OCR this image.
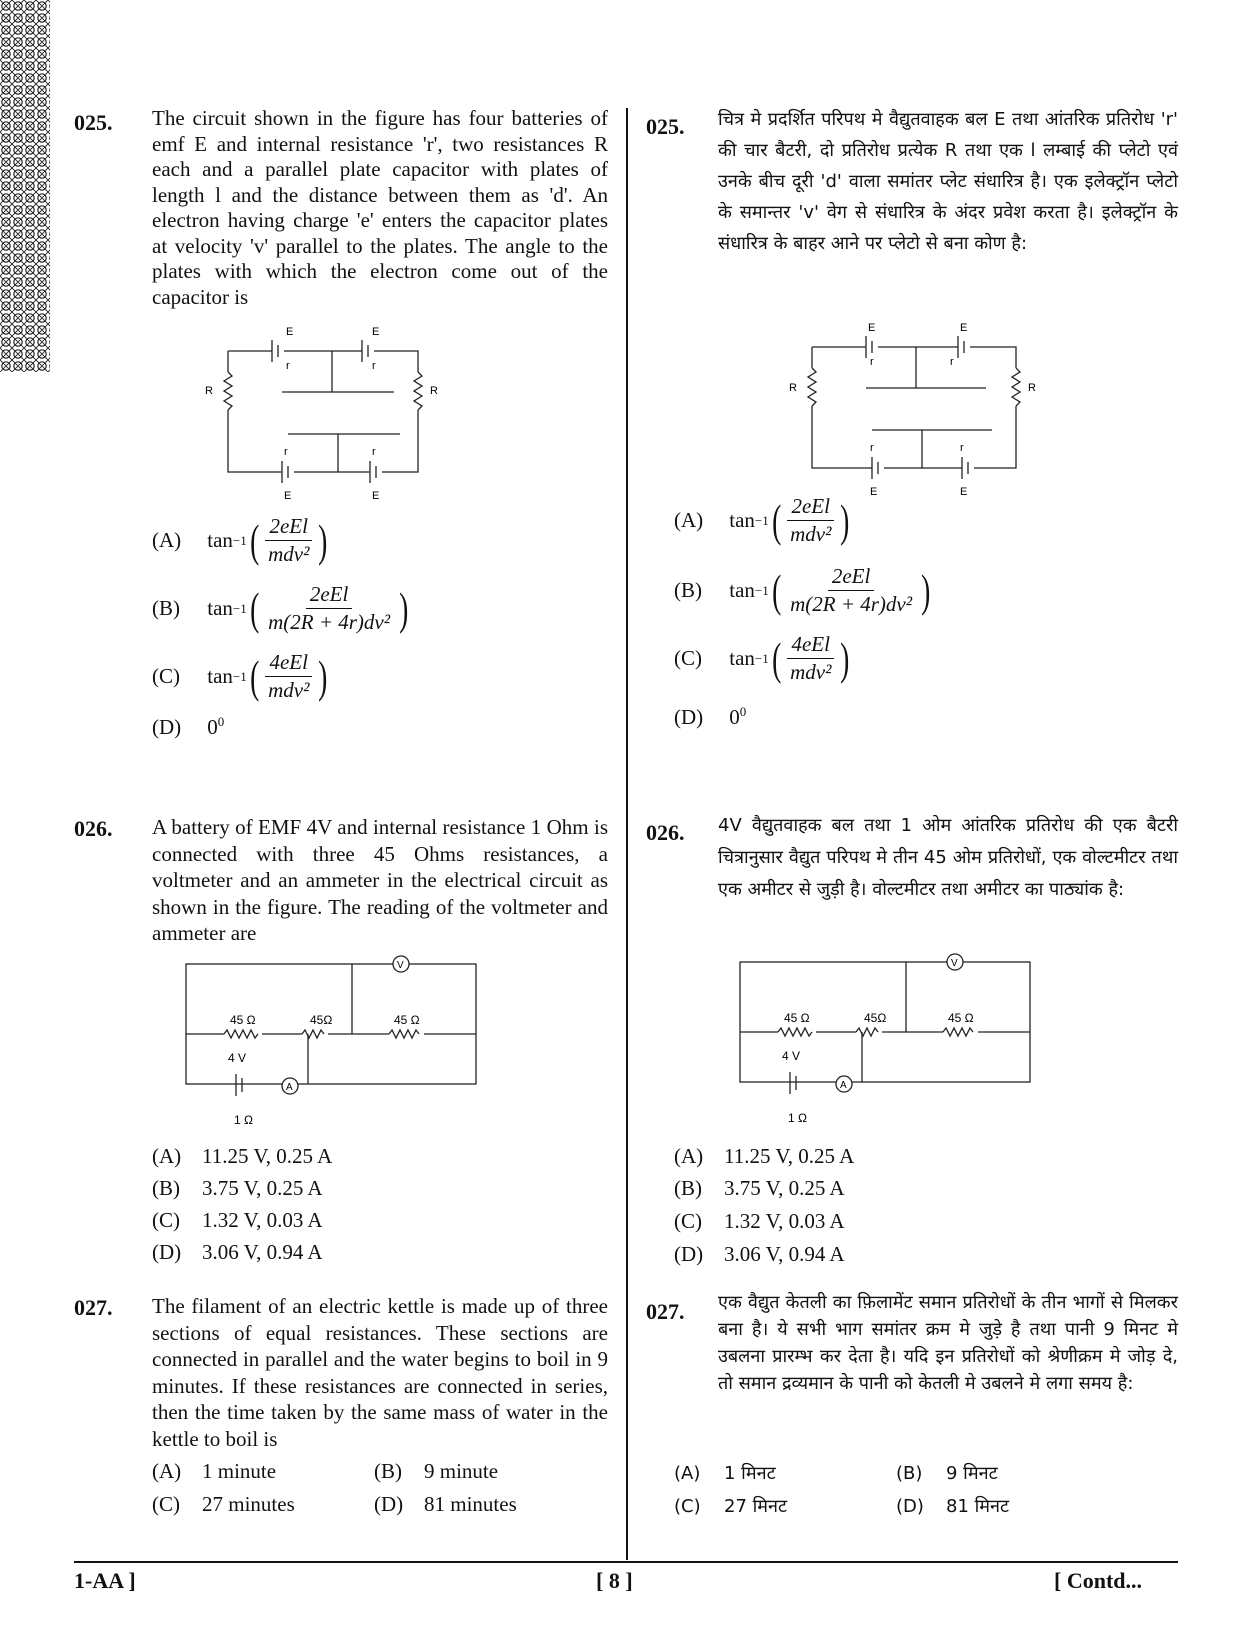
025. The circuit shown in the figure has four batteries of emf E and internal resistance 'r', two resistances R each and a parallel plate capacitor with plates of length l and the distance between them as 'd'. An electron having charge 'e' enters the capacitor plates at velocity 'v' parallel to the plates. The angle to the plates with which the electron come out of the capacitor is

E	E
r	r
R	R
r	r
E	E
(A) tan −1 ( $\frac{\text{2eEl}}{\text{mdv²}}$ )
(B) tan −1 ( $\frac{\text{2eEl}}{\text{m(2R + 4r)dv²}}$ )
(C) tan −1 ( $\frac{\text{4eEl}}{\text{mdv²}}$ )
(D) $0^0$
026. A battery of EMF 4V and internal resistance 1 Ohm is connected with three 45 Ohms resistances, a voltmeter and an ammeter in the electrical circuit as shown in the figure. The reading of the voltmeter and ammeter are

45 Ω	45Ω	45 Ω
4 V
1 Ω
V
A
(A) 11.25 V, 0.25 A
(B) 3.75 V, 0.25 A
(C) 1.32 V, 0.03 A
(D) 3.06 V, 0.94 A
027. The filament of an electric kettle is made up of three sections of equal resistances. These sections are connected in parallel and the water begins to boil in 9 minutes. If these resistances are connected in series, then the time taken by the same mass of water in the kettle to boil is

(A) 1 minute	(B) 9 minute
(C) 27 minutes	(D) 81 minutes
025. चित्र मे प्रदर्शित परिपथ मे वैद्युतवाहक बल E तथा आंतरिक प्रतिरोध 'r' की चार बैटरी, दो प्रतिरोध प्रत्येक R तथा एक l लम्बाई की प्लेटो एवं उनके बीच दूरी 'd' वाला समांतर प्लेट संधारित्र है। एक इलेक्ट्रॉन प्लेटो के समान्तर 'v' वेग से संधारित्र के अंदर प्रवेश करता है। इलेक्ट्रॉन के संधारित्र के बाहर आने पर प्लेटो से बना कोण है:

E	E
r	r
R	R
r	r
E	E
(A) tan −1 ( $\frac{\text{2eEl}}{\text{mdv²}}$ )
(B) tan −1 ( $\frac{\text{2eEl}}{\text{m(2R + 4r)dv²}}$ )
(C) tan −1 ( $\frac{\text{4eEl}}{\text{mdv²}}$ )
(D) $0^0$
026. 4V वैद्युतवाहक बल तथा 1 ओम आंतरिक प्रतिरोध की एक बैटरी चित्रानुसार वैद्युत परिपथ मे तीन 45 ओम प्रतिरोधों, एक वोल्टमीटर तथा एक अमीटर से जुड़ी है। वोल्टमीटर तथा अमीटर का पाठ्यांक है:

45 Ω	45Ω	45 Ω
4 V
1 Ω
V
A
(A) 11.25 V, 0.25 A
(B) 3.75 V, 0.25 A
(C) 1.32 V, 0.03 A
(D) 3.06 V, 0.94 A
027. एक वैद्युत केतली का फ़िलामेंट समान प्रतिरोधों के तीन भागों से मिलकर बना है। ये सभी भाग समांतर क्रम मे जुड़े है तथा पानी 9 मिनट मे उबलना प्रारम्भ कर देता है। यदि इन प्रतिरोधों को श्रेणीक्रम मे जोड़ दे, तो समान द्रव्यमान के पानी को केतली मे उबलने मे लगा समय है:

(A) 1 मिनट	(B) 9 मिनट
(C) 27 मिनट	(D) 81 मिनट
1-AA ]	[ 8 ]	[ Contd...
